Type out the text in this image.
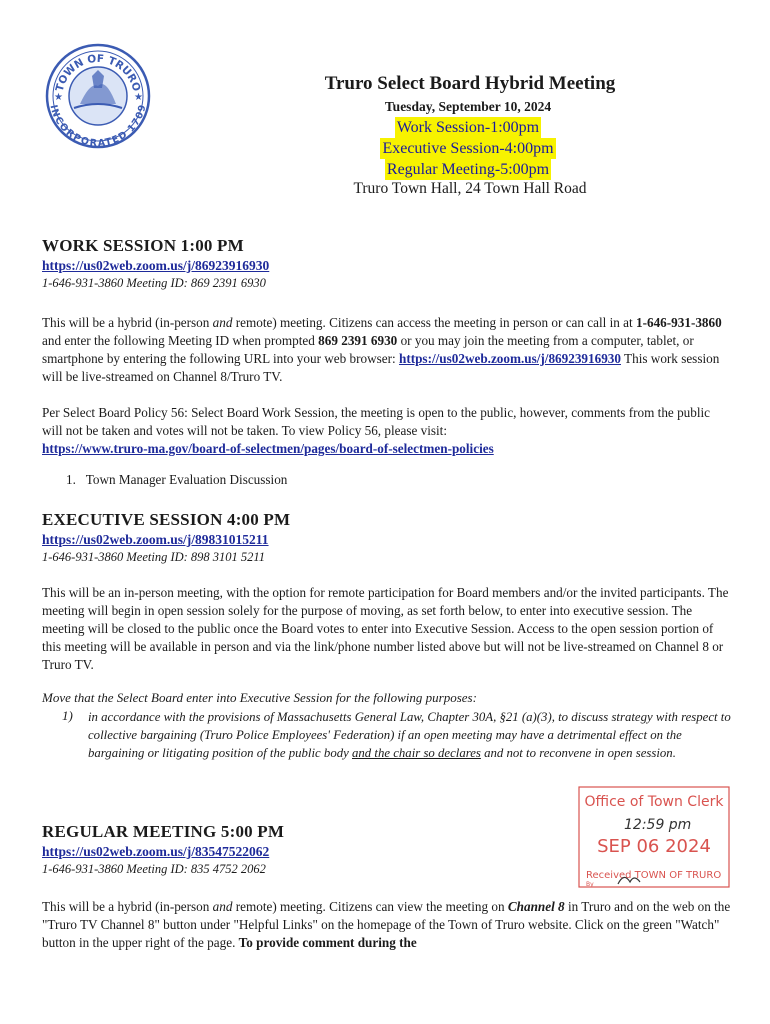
TOWN OF TRURO
INCORPORATED 1709
★	★
Truro Select Board Hybrid Meeting
Tuesday, September 10, 2024
Work Session-1:00pm
Executive Session-4:00pm
Regular Meeting-5:00pm
Truro Town Hall, 24 Town Hall Road
WORK SESSION 1:00 PM
https://us02web.zoom.us/j/86923916930
1-646-931-3860 Meeting ID: 869 2391 6930

This will be a hybrid (in-person and remote) meeting. Citizens can access the meeting in person or can call in at 1-646-931-3860 and enter the following Meeting ID when prompted 869 2391 6930 or you may join the meeting from a computer, tablet, or smartphone by entering the following URL into your web browser: https://us02web.zoom.us/j/86923916930 This work session will be live-streamed on Channel 8/Truro TV.

Per Select Board Policy 56: Select Board Work Session, the meeting is open to the public, however, comments from the public will not be taken and votes will not be taken. To view Policy 56, please visit:
https://www.truro-ma.gov/board-of-selectmen/pages/board-of-selectmen-policies

1. Town Manager Evaluation Discussion
EXECUTIVE SESSION 4:00 PM
https://us02web.zoom.us/j/89831015211
1-646-931-3860 Meeting ID: 898 3101 5211

This will be an in-person meeting, with the option for remote participation for Board members and/or the invited participants. The meeting will begin in open session solely for the purpose of moving, as set forth below, to enter into executive session. The meeting will be closed to the public once the Board votes to enter into Executive Session. Access to the open session portion of this meeting will be available in person and via the link/phone number listed above but will not be live-streamed on Channel 8 or Truro TV.

Move that the Select Board enter into Executive Session for the following purposes:
1) in accordance with the provisions of Massachusetts General Law, Chapter 30A, §21 (a)(3), to discuss strategy with respect to collective bargaining (Truro Police Employees' Federation) if an open meeting may have a detrimental effect on the bargaining or litigating position of the public body and the chair so declares and not to reconvene in open session.

Office of Town Clerk
12:59 pm
SEP 06 2024
Received TOWN OF TRURO
By
REGULAR MEETING 5:00 PM
https://us02web.zoom.us/j/83547522062
1-646-931-3860 Meeting ID: 835 4752 2062

This will be a hybrid (in-person and remote) meeting. Citizens can view the meeting on Channel 8 in Truro and on the web on the "Truro TV Channel 8" button under "Helpful Links" on the homepage of the Town of Truro website. Click on the green "Watch" button in the upper right of the page. To provide comment during the
